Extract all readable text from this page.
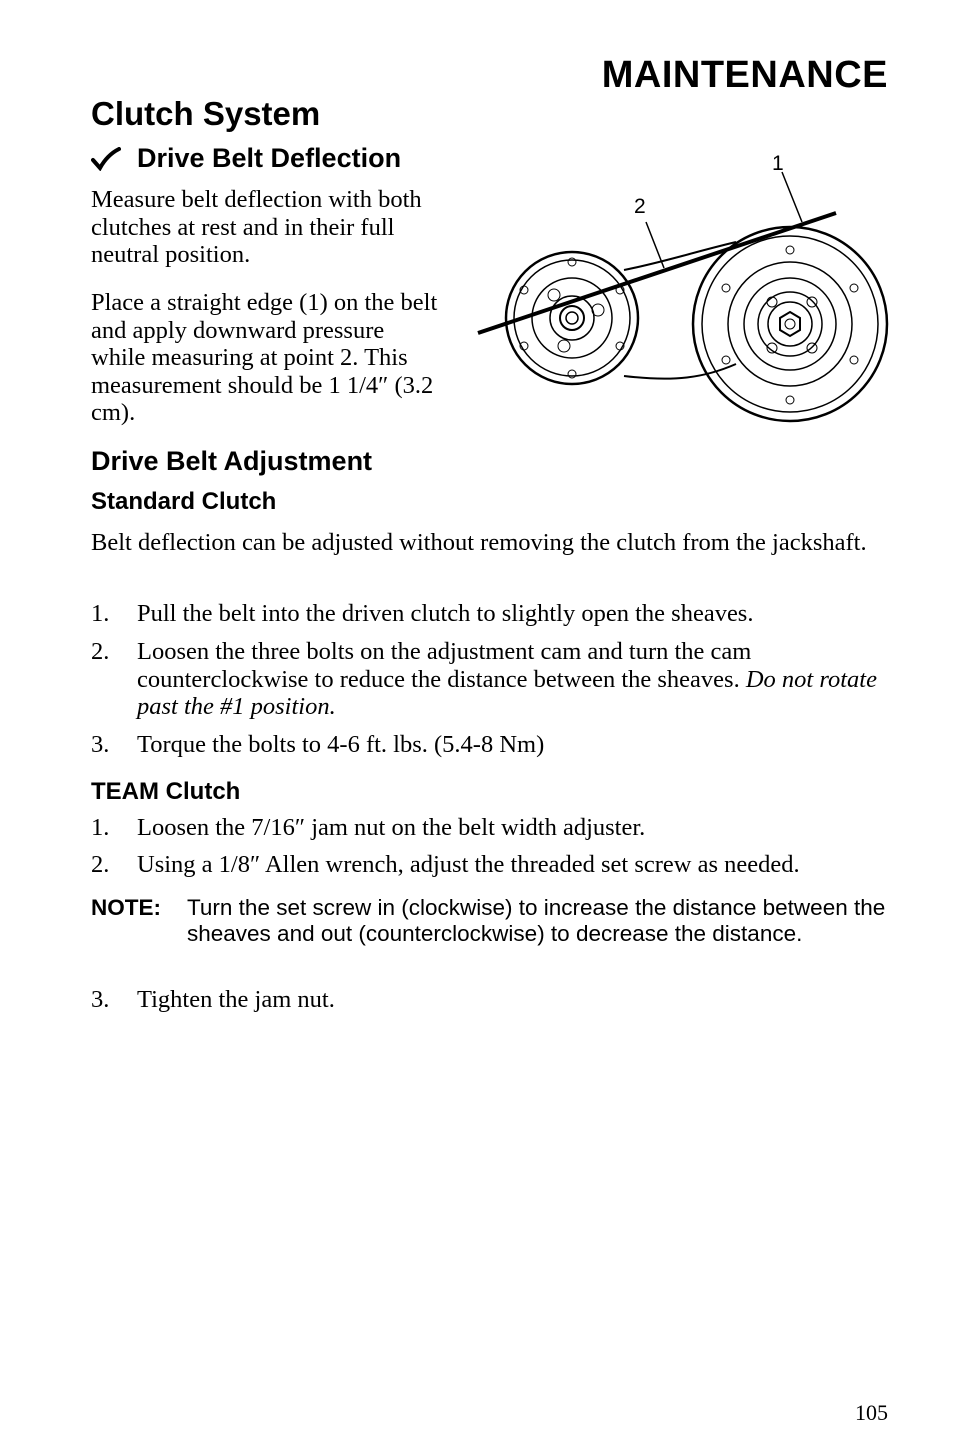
MAINTENANCE
Clutch System
Drive Belt Deflection
Measure belt deflection with both clutches at rest and in their full neutral position.
Place a straight edge (1) on the belt and apply downward pressure while measuring at point 2. This measurement should be 1 1/4″ (3.2 cm).
1
2
Drive Belt Adjustment
Standard Clutch
Belt deflection can be adjusted without removing the clutch from the jackshaft.
1.	Pull the belt into the driven clutch to slightly open the sheaves.
2.	Loosen the three bolts on the adjustment cam and turn the cam counterclockwise to reduce the distance between the sheaves. Do not rotate past the #1 position.
3.	Torque the bolts to 4-6 ft. lbs. (5.4-8 Nm)
TEAM Clutch
1.	Loosen the 7/16″ jam nut on the belt width adjuster.
2.	Using a 1/8″ Allen wrench, adjust the threaded set screw as needed.
NOTE:	Turn the set screw in (clockwise) to increase the distance between the sheaves and out (counterclockwise) to decrease the distance.
3.	Tighten the jam nut.
105
